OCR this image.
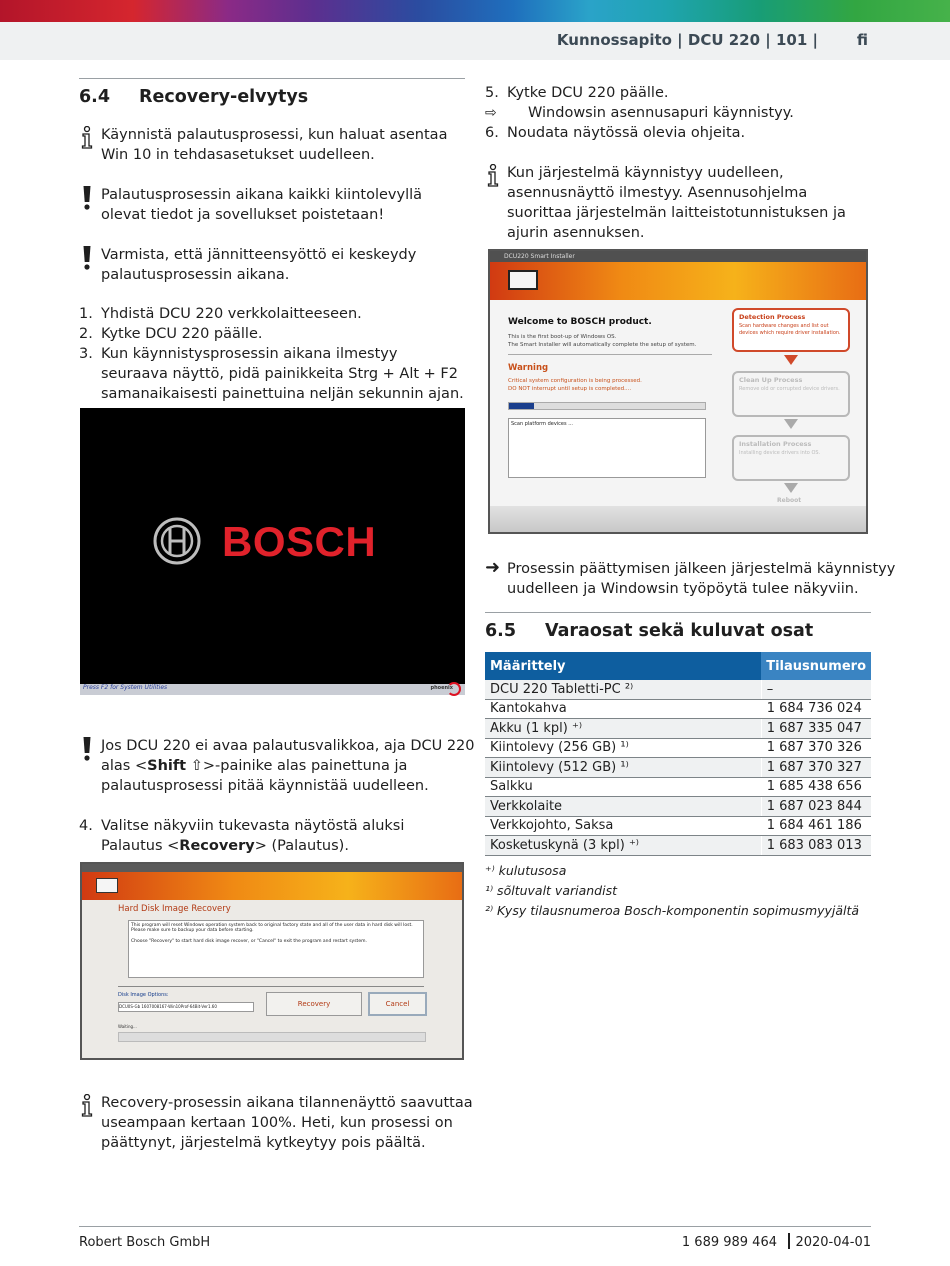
Kunnossapito | DCU 220 | 101 |	fi
6.4	Recovery-elvytys

Käynnistä palautusprosessi, kun haluat asentaa Win 10 in tehdasasetukset uudelleen.

Palautusprosessin aikana kaikki kiintolevyllä olevat tiedot ja sovellukset poistetaan!

Varmista, että jännitteensyöttö ei keskeydy palautusprosessin aikana.

1. Yhdistä DCU 220 verkkolaitteeseen.
2. Kytke DCU 220 päälle.
3. Kun käynnistysprosessin aikana ilmestyy seuraava näyttö, pidä painikkeita Strg + Alt + F2 samanaikaisesti painettuina neljän sekunnin ajan.
BOSCH
Press F2 for System Utilities	phoenix

Jos DCU 220 ei avaa palautusvalikkoa, aja DCU 220 alas <Shift ⇧>-painike alas painettuna ja palautusprosessi pitää käynnistää uudelleen.

4. Valitse näkyviin tukevasta näytöstä aluksi Palautus <Recovery> (Palautus).
Hard Disk Image Recovery
This program will reset Windows operation system back to original factory state and all of the user data in hard disk will lost. Please make sure to backup your data before starting.
Choose "Recovery" to start hard disk image recover, or "Cancel" to exit the program and restart system.
Disk Image Options:
DCU0S-Gb 1607008167-Win10Prof-64Bit-Ver1.60	Recovery	Cancel
Waiting...

Recovery-prosessin aikana tilannenäyttö saavuttaa useampaan kertaan 100%. Heti, kun prosessi on päättynyt, järjestelmä kytkeytyy pois päältä.

5. Kytke DCU 220 päälle.
⇨ Windowsin asennusapuri käynnistyy.
6. Noudata näytössä olevia ohjeita.

Kun järjestelmä käynnistyy uudelleen, asennusnäyttö ilmestyy. Asennusohjelma suorittaa järjestelmän laitteistotunnistuksen ja ajurin asennuksen.

DCU220 Smart Installer
Welcome to BOSCH product.
This is the first boot-up of Windows OS.
The Smart Installer will automatically complete the setup of system.
Warning
Critical system configuration is being processed.
DO NOT interrupt until setup is completed....
Scan platform devices ...
Detection Process
Scan hardware changes and list out devices which require driver installation.
Clean Up Process
Remove old or corrupted device drivers.
Installation Process
Installing device drivers into OS.
Reboot
➜ Prosessin päättymisen jälkeen järjestelmä käynnistyy uudelleen ja Windowsin työpöytä tulee näkyviin.
6.5	Varaosat sekä kuluvat osat
Määrittely	Tilausnumero
DCU 220 Tabletti-PC ²⁾	–
Kantokahva	1 684 736 024
Akku (1 kpl) ⁺⁾	1 687 335 047
Kiintolevy (256 GB) ¹⁾	1 687 370 326
Kiintolevy (512 GB) ¹⁾	1 687 370 327
Salkku	1 685 438 656
Verkkolaite	1 687 023 844
Verkkojohto, Saksa	1 684 461 186
Kosketuskynä (3 kpl) ⁺⁾	1 683 083 013
⁺⁾ kulutusosa
¹⁾ sõltuvalt variandist
²⁾ Kysy tilausnumeroa Bosch-komponentin sopimusmyyjältä
Robert Bosch GmbH	1 689 989 464 2020-04-01
